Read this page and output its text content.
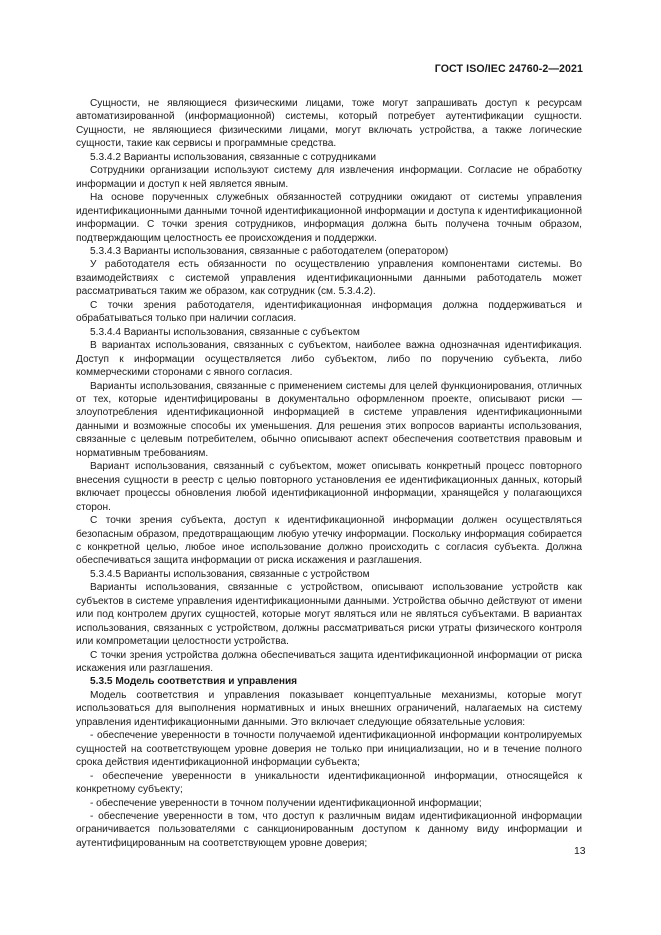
ГОСТ ISO/IEC 24760-2—2021

Сущности, не являющиеся физическими лицами, тоже могут запрашивать доступ к ресурсам автоматизированной (информационной) системы, который потребует аутентификации сущности. Сущности, не являющиеся физическими лицами, могут включать устройства, а также логические сущности, такие как сервисы и программные средства.

5.3.4.2 Варианты использования, связанные с сотрудниками

Сотрудники организации используют систему для извлечения информации. Согласие не обработку информации и доступ к ней является явным.

На основе порученных служебных обязанностей сотрудники ожидают от системы управления идентификационными данными точной идентификационной информации и доступа к идентификационной информации. С точки зрения сотрудников, информация должна быть получена точным образом, подтверждающим целостность ее происхождения и поддержки.

5.3.4.3 Варианты использования, связанные с работодателем (оператором)

У работодателя есть обязанности по осуществлению управления компонентами системы. Во взаимодействиях с системой управления идентификационными данными работодатель может рассматриваться таким же образом, как сотрудник (см. 5.3.4.2).

С точки зрения работодателя, идентификационная информация должна поддерживаться и обрабатываться только при наличии согласия.

5.3.4.4 Варианты использования, связанные с субъектом

В вариантах использования, связанных с субъектом, наиболее важна однозначная идентификация. Доступ к информации осуществляется либо субъектом, либо по поручению субъекта, либо коммерческими сторонами с явного согласия.

Варианты использования, связанные с применением системы для целей функционирования, отличных от тех, которые идентифицированы в документально оформленном проекте, описывают риски — злоупотребления идентификационной информацией в системе управления идентификационными данными и возможные способы их уменьшения. Для решения этих вопросов варианты использования, связанные с целевым потребителем, обычно описывают аспект обеспечения соответствия правовым и нормативным требованиям.

Вариант использования, связанный с субъектом, может описывать конкретный процесс повторного внесения сущности в реестр с целью повторного установления ее идентификационных данных, который включает процессы обновления любой идентификационной информации, хранящейся у полагающихся сторон.

С точки зрения субъекта, доступ к идентификационной информации должен осуществляться безопасным образом, предотвращающим любую утечку информации. Поскольку информация собирается с конкретной целью, любое иное использование должно происходить с согласия субъекта. Должна обеспечиваться защита информации от риска искажения и разглашения.

5.3.4.5 Варианты использования, связанные с устройством

Варианты использования, связанные с устройством, описывают использование устройств как субъектов в системе управления идентификационными данными. Устройства обычно действуют от имени или под контролем других сущностей, которые могут являться или не являться субъектами. В вариантах использования, связанных с устройством, должны рассматриваться риски утраты физического контроля или компрометации целостности устройства.

С точки зрения устройства должна обеспечиваться защита идентификационной информации от риска искажения или разглашения.

5.3.5 Модель соответствия и управления

Модель соответствия и управления показывает концептуальные механизмы, которые могут использоваться для выполнения нормативных и иных внешних ограничений, налагаемых на систему управления идентификационными данными. Это включает следующие обязательные условия:

- обеспечение уверенности в точности получаемой идентификационной информации контролируемых сущностей на соответствующем уровне доверия не только при инициализации, но и в течение полного срока действия идентификационной информации субъекта;

- обеспечение уверенности в уникальности идентификационной информации, относящейся к конкретному субъекту;

- обеспечение уверенности в точном получении идентификационной информации;

- обеспечение уверенности в том, что доступ к различным видам идентификационной информации ограничивается пользователями с санкционированным доступом к данному виду информации и аутентифицированным на соответствующем уровне доверия;

13
